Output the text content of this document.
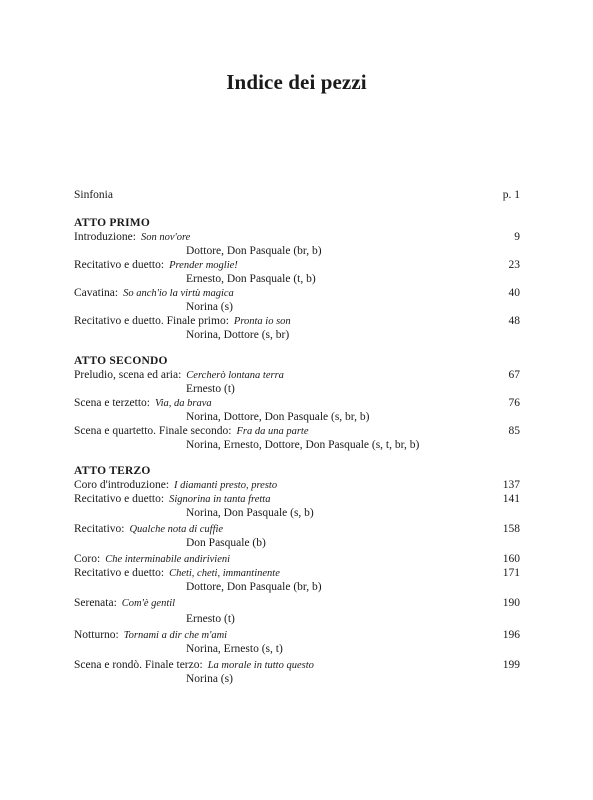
Indice dei pezzi
Sinfonia	p. 1
ATTO PRIMO
Introduzione: Son nov'ore	9
Dottore, Don Pasquale (br, b)
Recitativo e duetto: Prender moglie!	23
Ernesto, Don Pasquale (t, b)
Cavatina: So anch'io la virtù magica	40
Norina (s)
Recitativo e duetto. Finale primo: Pronta io son	48
Norina, Dottore (s, br)
ATTO SECONDO
Preludio, scena ed aria: Cercherò lontana terra	67
Ernesto (t)
Scena e terzetto: Via, da brava	76
Norina, Dottore, Don Pasquale (s, br, b)
Scena e quartetto. Finale secondo: Fra da una parte	85
Norina, Ernesto, Dottore, Don Pasquale (s, t, br, b)
ATTO TERZO
Coro d'introduzione: I diamanti presto, presto	137
Recitativo e duetto: Signorina in tanta fretta	141
Norina, Don Pasquale (s, b)
Recitativo: Qualche nota di cuffie	158
Don Pasquale (b)
Coro: Che interminabile andirivieni	160
Recitativo e duetto: Cheti, cheti, immantinente	171
Dottore, Don Pasquale (br, b)
Serenata: Com'è gentil	190
Ernesto (t)
Notturno: Tornami a dir che m'ami	196
Norina, Ernesto (s, t)
Scena e rondò. Finale terzo: La morale in tutto questo	199
Norina (s)
